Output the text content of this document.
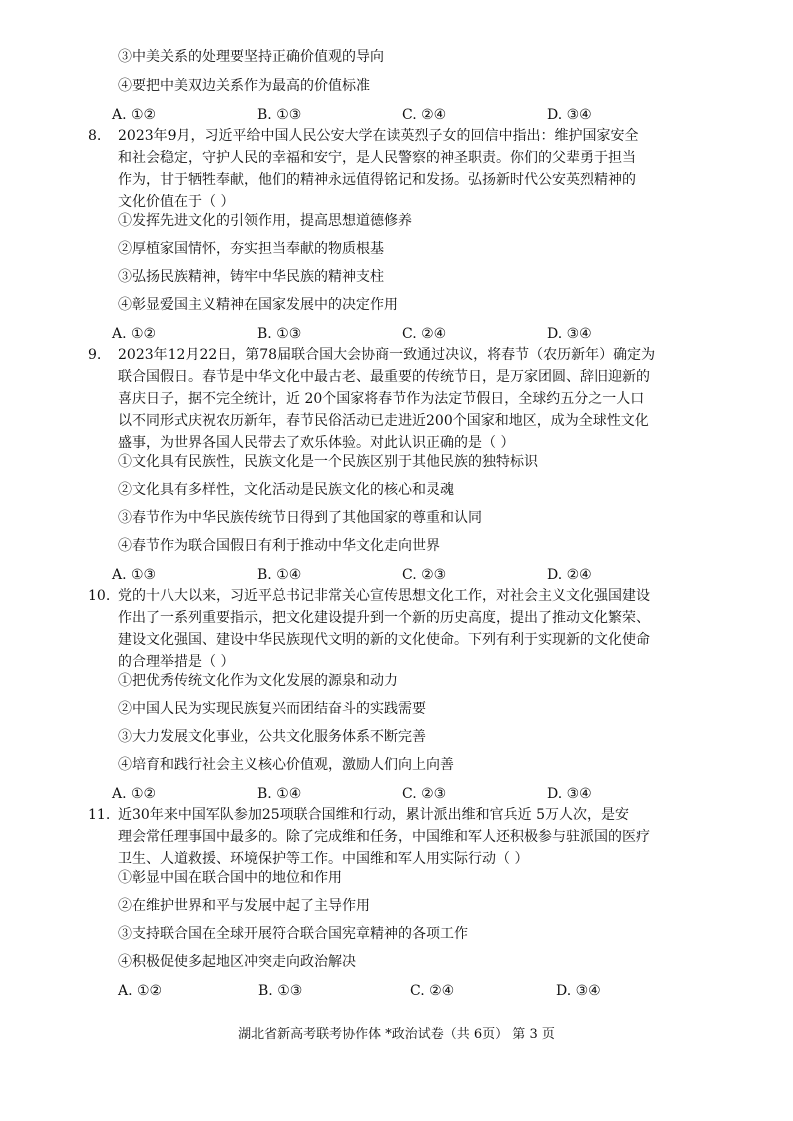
③中美关系的处理要坚持正确价值观的导向
④要把中美双边关系作为最高的价值标准
A. ①②	B. ①③	C. ②④	D. ③④
8. 2023年9月，习近平给中国人民公安大学在读英烈子女的回信中指出：维护国家安全
和社会稳定，守护人民的幸福和安宁，是人民警察的神圣职责。你们的父辈勇于担当
作为，甘于牺牲奉献，他们的精神永远值得铭记和发扬。弘扬新时代公安英烈精神的
文化价值在于（ ）
①发挥先进文化的引领作用，提高思想道德修养
②厚植家国情怀，夯实担当奉献的物质根基
③弘扬民族精神，铸牢中华民族的精神支柱
④彰显爱国主义精神在国家发展中的决定作用
A. ①②	B. ①③	C. ②④	D. ③④
9. 2023年12月22日，第78届联合国大会协商一致通过决议，将春节（农历新年）确定为
联合国假日。春节是中华文化中最古老、最重要的传统节日，是万家团圆、辞旧迎新的
喜庆日子，据不完全统计，近 20个国家将春节作为法定节假日，全球约五分之一人口
以不同形式庆祝农历新年，春节民俗活动已走进近200个国家和地区，成为全球性文化
盛事，为世界各国人民带去了欢乐体验。对此认识正确的是（ ）
①文化具有民族性，民族文化是一个民族区别于其他民族的独特标识
②文化具有多样性，文化活动是民族文化的核心和灵魂
③春节作为中华民族传统节日得到了其他国家的尊重和认同
④春节作为联合国假日有利于推动中华文化走向世界
A. ①③	B. ①④	C. ②③	D. ②④
10. 党的十八大以来，习近平总书记非常关心宣传思想文化工作，对社会主义文化强国建设
作出了一系列重要指示，把文化建设提升到一个新的历史高度，提出了推动文化繁荣、
建设文化强国、建设中华民族现代文明的新的文化使命。下列有利于实现新的文化使命
的合理举措是（ ）
①把优秀传统文化作为文化发展的源泉和动力
②中国人民为实现民族复兴而团结奋斗的实践需要
③大力发展文化事业，公共文化服务体系不断完善
④培育和践行社会主义核心价值观，激励人们向上向善
A. ①②	B. ①④	C. ②③	D. ③④
11. 近30年来中国军队参加25项联合国维和行动，累计派出维和官兵近 5万人次，是安
理会常任理事国中最多的。除了完成维和任务，中国维和军人还积极参与驻派国的医疗
卫生、人道救援、环境保护等工作。中国维和军人用实际行动（ ）
①彰显中国在联合国中的地位和作用
②在维护世界和平与发展中起了主导作用
③支持联合国在全球开展符合联合国宪章精神的各项工作
④积极促使多起地区冲突走向政治解决
A. ①②	B. ①③	C. ②④	D. ③④
湖北省新高考联考协作体 *政治试卷（共 6页） 第 3 页
